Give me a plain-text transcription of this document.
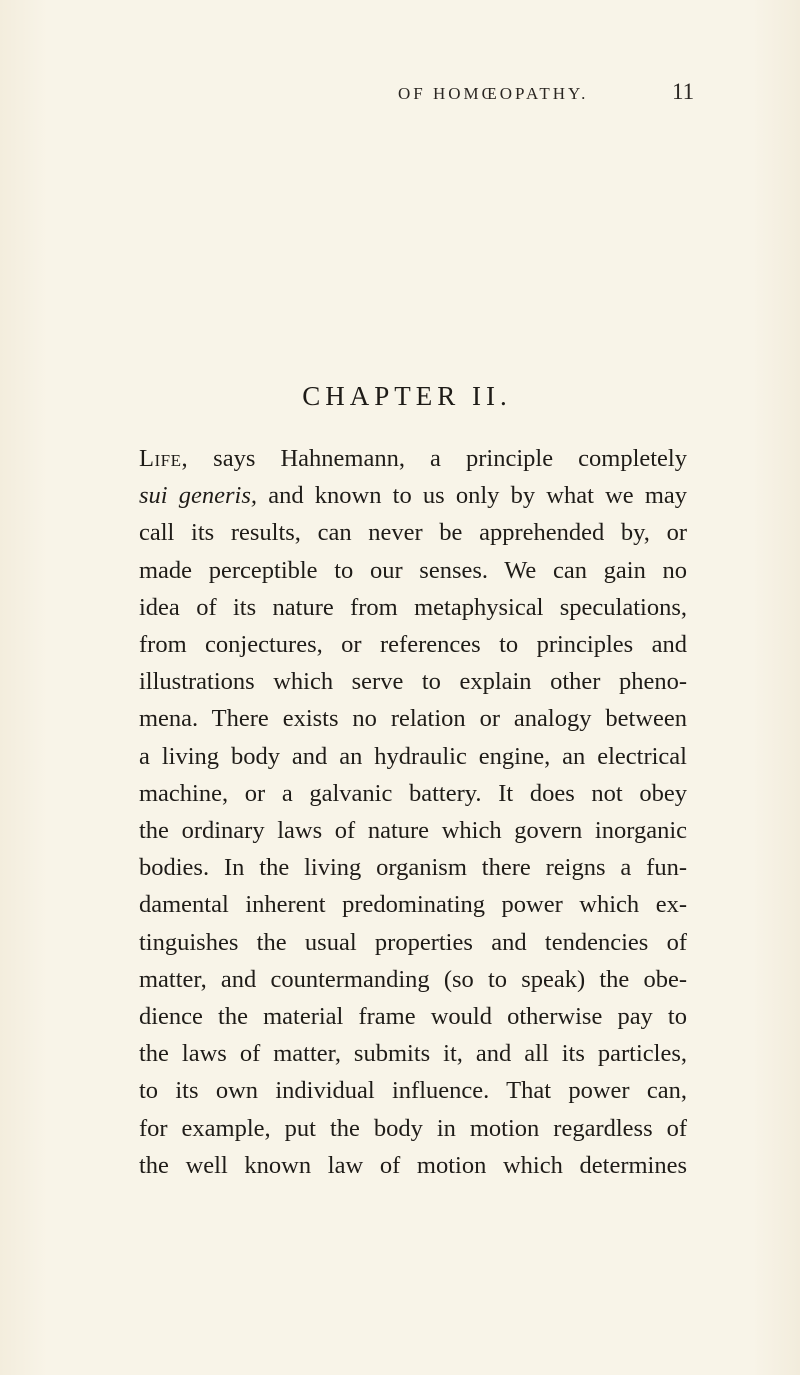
OF HOMŒOPATHY.	11
CHAPTER II.
Life, says Hahnemann, a principle completely
sui generis, and known to us only by what we may
call its results, can never be apprehended by, or
made perceptible to our senses. We can gain no
idea of its nature from metaphysical speculations,
from conjectures, or references to principles and
illustrations which serve to explain other pheno-
mena. There exists no relation or analogy between
a living body and an hydraulic engine, an electrical
machine, or a galvanic battery. It does not obey
the ordinary laws of nature which govern inorganic
bodies. In the living organism there reigns a fun-
damental inherent predominating power which ex-
tinguishes the usual properties and tendencies of
matter, and countermanding (so to speak) the obe-
dience the material frame would otherwise pay to
the laws of matter, submits it, and all its particles,
to its own individual influence. That power can,
for example, put the body in motion regardless of
the well known law of motion which determines
